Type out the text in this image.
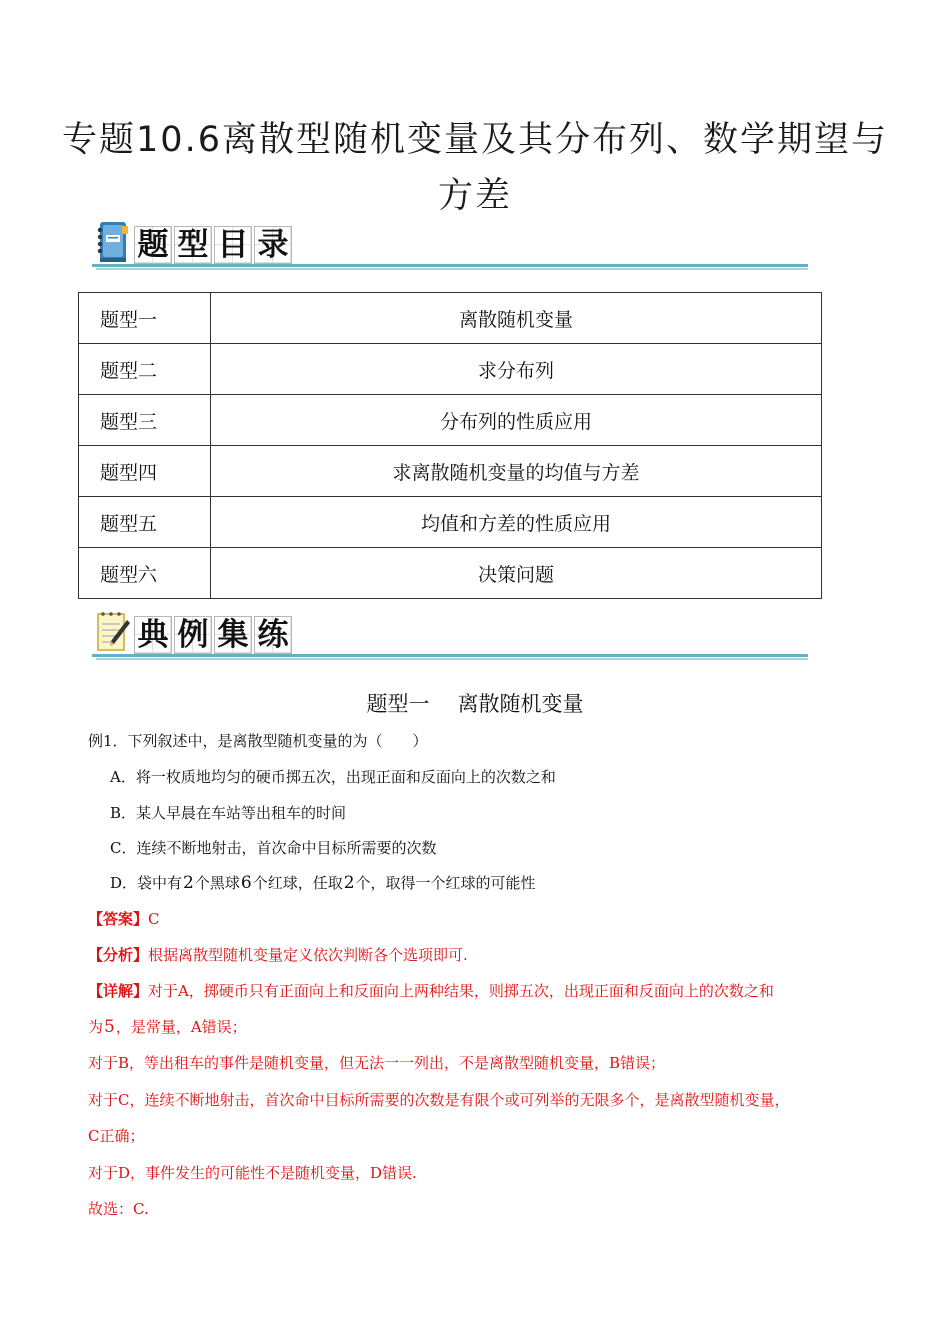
专题10.6离散型随机变量及其分布列、数学期望与
方差
题 型 目 录
题型一	离散随机变量
题型二	求分布列
题型三	分布列的性质应用
题型四	求离散随机变量的均值与方差
题型五	均值和方差的性质应用
题型六	决策问题
典 例 集 练
题型一 离散随机变量
例1．下列叙述中，是离散型随机变量的为（　　）
A．将一枚质地均匀的硬币掷五次，出现正面和反面向上的次数之和
B．某人早晨在车站等出租车的时间
C．连续不断地射击，首次命中目标所需要的次数
D．袋中有2个黑球6个红球，任取2个，取得一个红球的可能性
【答案】C
【分析】根据离散型随机变量定义依次判断各个选项即可.
【详解】对于A，掷硬币只有正面向上和反面向上两种结果，则掷五次，出现正面和反面向上的次数之和
为5，是常量，A错误；
对于B，等出租车的事件是随机变量，但无法一一列出，不是离散型随机变量，B错误；
对于C，连续不断地射击，首次命中目标所需要的次数是有限个或可列举的无限多个，是离散型随机变量，
C正确；
对于D，事件发生的可能性不是随机变量，D错误.
故选：C.
